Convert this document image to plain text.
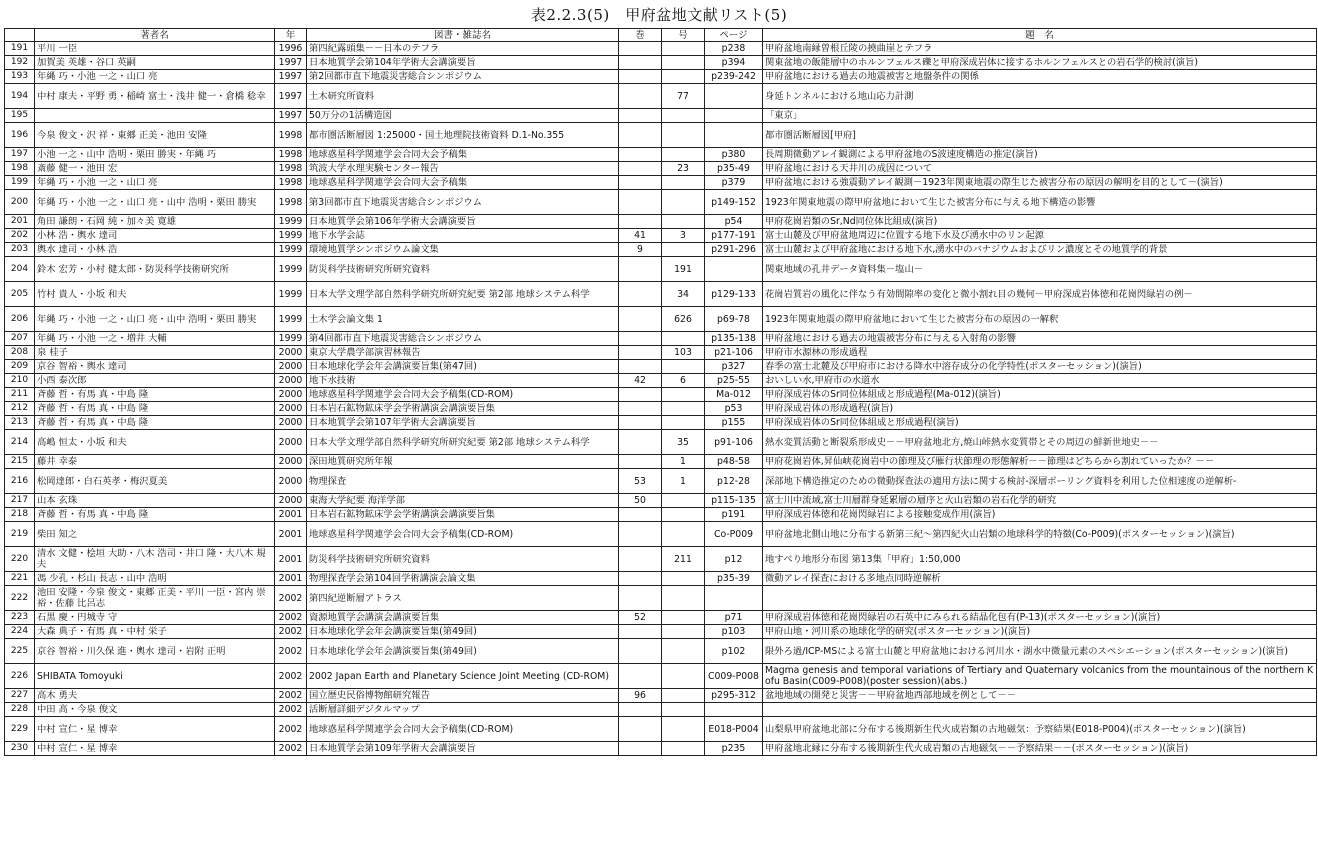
表2.2.3(5)　甲府盆地文献リスト(5)
	著者名	年	図書・雑誌名	巻	号	ページ	題　名
191	平川 一臣	1996	第四紀露頭集－－日本のテフラ			p238	甲府盆地南縁曽根丘陵の撓曲崖とテフラ
192	加賀美 英雄・谷口 英嗣	1997	日本地質学会第104年学術大会講演要旨			p394	関東盆地の飯能層中のホルンフェルス礫と甲府深成岩体に接するホルンフェルスとの岩石学的検討(演旨)
193	年縄 巧・小池 一之・山口 亮	1997	第2回都市直下地震災害総合シンポジウム			p239-242	甲府盆地における過去の地震被害と地盤条件の関係
194	中村 康夫・平野 勇・稲崎 富士・浅井 健一・倉橋 稔幸	1997	土木研究所資料		77		身延トンネルにおける地山応力計測
195		1997	50万分の1活構造図				「東京」
196	今泉 俊文・沢 祥・東郷 正美・池田 安隆	1998	都市圏活断層図 1:25000・国土地理院技術資料 D.1-No.355				都市圏活断層図[甲府]
197	小池 一之・山中 浩明・栗田 勝実・年縄 巧	1998	地球惑星科学関連学会合同大会予稿集			p380	長周期微動アレイ観測による甲府盆地のS波速度構造の推定(演旨)
198	斎藤 健一・池田 宏	1998	筑波大学水理実験センター報告		23	p35-49	甲府盆地における天井川の成因について
199	年縄 巧・小池 一之・山口 亮	1998	地球惑星科学関連学会合同大会予稿集			p379	甲府盆地における強震動アレイ観測－1923年関東地震の際生じた被害分布の原因の解明を目的として－(演旨)
200	年縄 巧・小池 一之・山口 亮・山中 浩明・栗田 勝実	1998	第3回都市直下地震災害総合シンポジウム			p149-152	1923年関東地震の際甲府盆地において生じた被害分布に与える地下構造の影響
201	角田 謙朗・石岡 純・加々美 寛雄	1999	日本地質学会第106年学術大会講演要旨			p54	甲府花崗岩類のSr,Nd同位体比組成(演旨)
202	小林 浩・輿水 達司	1999	地下水学会誌	41	3	p177-191	富士山麓及び甲府盆地周辺に位置する地下水及び湧水中のリン起源
203	輿水 達司・小林 浩	1999	環境地質学シンポジウム論文集	9		p291-296	富士山麓および甲府盆地における地下水,湧水中のバナジウムおよびリン濃度とその地質学的背景
204	鈴木 宏芳・小村 健太郎・防災科学技術研究所	1999	防災科学技術研究所研究資料		191		関東地域の孔井データ資料集－塩山－
205	竹村 貴人・小坂 和夫	1999	日本大学文理学部自然科学研究所研究紀要 第2部 地球システム科学		34	p129-133	花崗岩質岩の風化に伴なう有効間隙率の変化と微小割れ目の幾何－甲府深成岩体徳和花崗閃緑岩の例－
206	年縄 巧・小池 一之・山口 亮・山中 浩明・栗田 勝実	1999	土木学会論文集 1		626	p69-78	1923年関東地震の際甲府盆地において生じた被害分布の原因の一解釈
207	年縄 巧・小池 一之・増井 大輔	1999	第4回都市直下地震災害総合シンポジウム			p135-138	甲府盆地における過去の地震被害分布に与える入射角の影響
208	泉 桂子	2000	東京大学農学部演習林報告		103	p21-106	甲府市水源林の形成過程
209	京谷 智裕・輿水 達司	2000	日本地球化学会年会講演要旨集(第47回)			p327	春季の富士北麓及び甲府市における降水中溶存成分の化学特性(ポスターセッション)(演旨)
210	小西 泰次郎	2000	地下水技術	42	6	p25-55	おいしい水,甲府市の水道水
211	斉藤 哲・有馬 真・中島 隆	2000	地球惑星科学関連学会合同大会予稿集(CD-ROM)			Ma-012	甲府深成岩体のSr同位体組成と形成過程(Ma-012)(演旨)
212	斉藤 哲・有馬 真・中島 隆	2000	日本岩石鉱物鉱床学会学術講演会講演要旨集			p53	甲府深成岩体の形成過程(演旨)
213	斉藤 哲・有馬 真・中島 隆	2000	日本地質学会第107年学術大会講演要旨			p155	甲府深成岩体のSr同位体組成と形成過程(演旨)
214	高嶋 恒太・小坂 和夫	2000	日本大学文理学部自然科学研究所研究紀要 第2部 地球システム科学		35	p91-106	熱水変質活動と断裂系形成史－－甲府盆地北方,焼山峠熱水変質帯とその周辺の鮮新世地史－－
215	藤井 幸泰	2000	深田地質研究所年報		1	p48-58	甲府花崗岩体,昇仙峡花崗岩中の節理及び雁行状節理の形態解析－－節理はどちらから割れていったか？－－
216	松岡達郎・白石英孝・梅沢夏美	2000	物理探査	53	1	p12-28	深部地下構造推定のための微動探査法の適用方法に関する検討-深層ボーリング資料を利用した位相速度の逆解析-
217	山本 玄珠	2000	東海大学紀要 海洋学部	50		p115-135	富士川中流域,富士川層群身延累層の層序と火山岩類の岩石化学的研究
218	斉藤 哲・有馬 真・中島 隆	2001	日本岩石鉱物鉱床学会学術講演会講演要旨集			p191	甲府深成岩体徳和花崗閃緑岩による接触変成作用(演旨)
219	柴田 知之	2001	地球惑星科学関連学会合同大会予稿集(CD-ROM)			Co-P009	甲府盆地北側山地に分布する新第三紀～第四紀火山岩類の地球科学的特徴(Co-P009)(ポスターセッション)(演旨)
220	清水 文健・桧垣 大助・八木 浩司・井口 隆・大八木 規夫	2001	防災科学技術研究所研究資料		211	p12	地すべり地形分布図 第13集「甲府」1:50,000
221	馮 少孔・杉山 長志・山中 浩明	2001	物理探査学会第104回学術講演会論文集			p35-39	微動アレイ探査における多地点同時逆解析
222	池田 安隆・今泉 俊文・東郷 正美・平川 一臣・宮内 崇裕・佐藤 比呂志	2002	第四紀逆断層アトラス				
223	石黒 慶・円城寺 守	2002	資源地質学会講演会講演要旨集	52		p71	甲府深成岩体徳和花崗閃緑岩の石英中にみられる結晶化包有(P-13)(ポスターセッション)(演旨)
224	大森 典子・有馬 真・中村 栄子	2002	日本地球化学会年会講演要旨集(第49回)			p103	甲府山地・河川系の地球化学的研究(ポスターセッション)(演旨)
225	京谷 智裕・川久保 進・輿水 達司・岩附 正明	2002	日本地球化学会年会講演要旨集(第49回)			p102	限外ろ過/ICP-MSによる富士山麓と甲府盆地における河川水・湖水中微量元素のスペシエーション(ポスターセッション)(演旨)
226	SHIBATA Tomoyuki	2002	2002 Japan Earth and Planetary Science Joint Meeting (CD-ROM)			C009-P008	Magma genesis and temporal variations of Tertiary and Quaternary volcanics from the mountainous of the northern Kofu Basin(C009-P008)(poster session)(abs.)
227	高木 勇夫	2002	国立歴史民俗博物館研究報告	96		p295-312	盆地地域の開発と災害－－甲府盆地西部地域を例として－－
228	中田 高・今泉 俊文	2002	活断層詳細デジタルマップ				
229	中村 宣仁・星 博幸	2002	地球惑星科学関連学会合同大会予稿集(CD-ROM)			E018-P004	山梨県甲府盆地北部に分布する後期新生代火成岩類の古地磁気：予察結果(E018-P004)(ポスターセッション)(演旨)
230	中村 宣仁・星 博幸	2002	日本地質学会第109年学術大会講演要旨			p235	甲府盆地北縁に分布する後期新生代火成岩類の古地磁気－－予察結果－－(ポスターセッション)(演旨)
